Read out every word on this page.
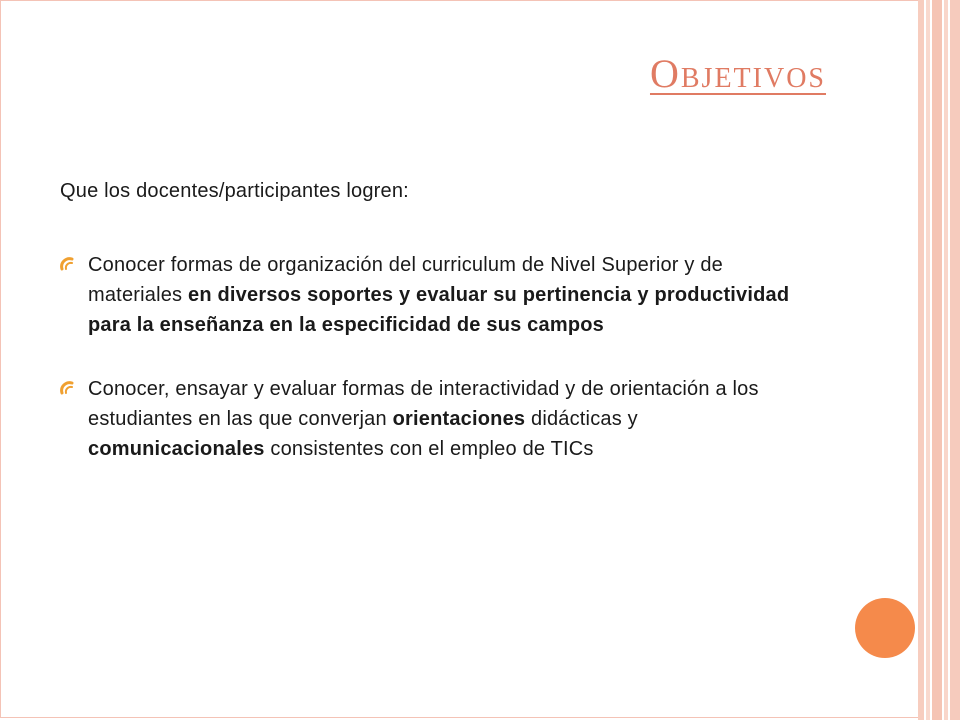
Objetivos
Que los docentes/participantes logren:
Conocer formas de organización del curriculum de Nivel Superior y de materiales en diversos soportes y evaluar su pertinencia y productividad para la enseñanza en la especificidad de sus campos
Conocer, ensayar y evaluar formas de interactividad y de orientación a los estudiantes en las que converjan orientaciones didácticas y comunicacionales consistentes con el empleo de TICs
